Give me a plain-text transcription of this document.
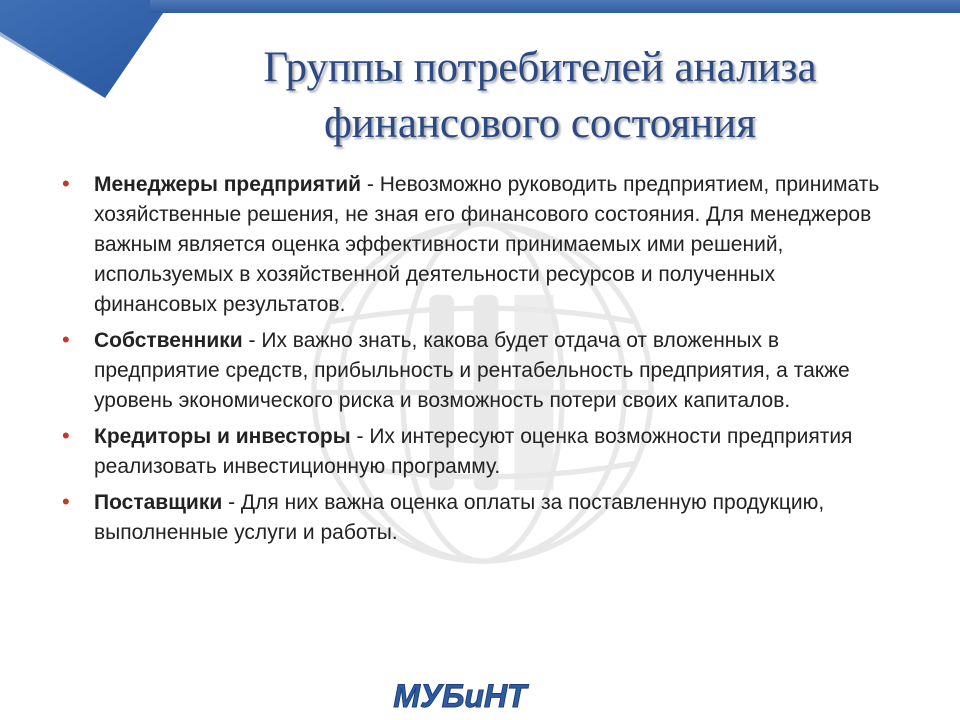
Группы потребителей анализа
финансового состояния
• Менеджеры предприятий - Невозможно руководить предприятием, принимать хозяйственные решения, не зная его финансового состояния. Для менеджеров важным является оценка эффективности принимаемых ими решений, используемых в хозяйственной деятельности ресурсов и полученных финансовых результатов.
• Собственники - Их важно знать, какова будет отдача от вложенных в предприятие средств, прибыльность и рентабельность предприятия, а также уровень экономического риска и возможность потери своих капиталов.
• Кредиторы и инвесторы - Их интересуют оценка возможности предприятия реализовать инвестиционную программу.
• Поставщики - Для них важна оценка оплаты за поставленную продукцию, выполненные услуги и работы.
МУБиНТ
